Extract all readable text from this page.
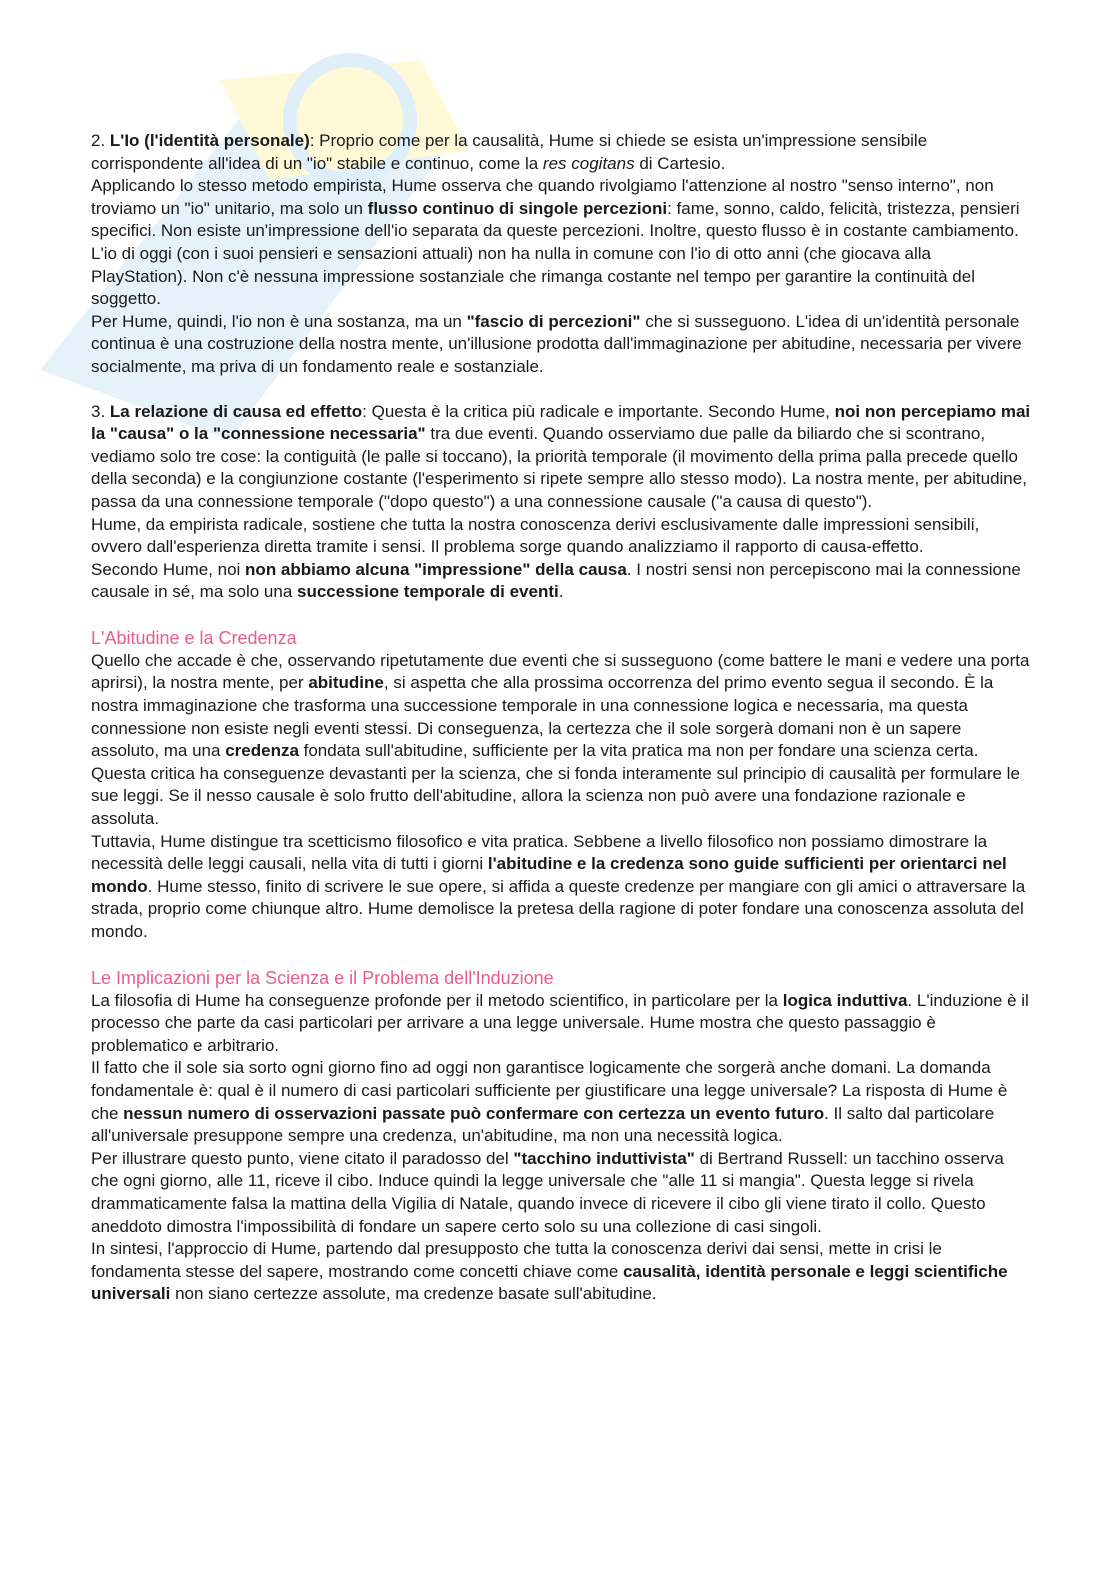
2. L'Io (l'identità personale): Proprio come per la causalità, Hume si chiede se esista un'impressione sensibile corrispondente all'idea di un "io" stabile e continuo, come la res cogitans di Cartesio.

Applicando lo stesso metodo empirista, Hume osserva che quando rivolgiamo l'attenzione al nostro "senso interno", non troviamo un "io" unitario, ma solo un flusso continuo di singole percezioni: fame, sonno, caldo, felicità, tristezza, pensieri specifici. Non esiste un'impressione dell'io separata da queste percezioni. Inoltre, questo flusso è in costante cambiamento. L'io di oggi (con i suoi pensieri e sensazioni attuali) non ha nulla in comune con l'io di otto anni (che giocava alla PlayStation). Non c'è nessuna impressione sostanziale che rimanga costante nel tempo per garantire la continuità del soggetto.

Per Hume, quindi, l'io non è una sostanza, ma un "fascio di percezioni" che si susseguono. L'idea di un'identità personale continua è una costruzione della nostra mente, un'illusione prodotta dall'immaginazione per abitudine, necessaria per vivere socialmente, ma priva di un fondamento reale e sostanziale.

3. La relazione di causa ed effetto: Questa è la critica più radicale e importante. Secondo Hume, noi non percepiamo mai la "causa" o la "connessione necessaria" tra due eventi. Quando osserviamo due palle da biliardo che si scontrano, vediamo solo tre cose: la contiguità (le palle si toccano), la priorità temporale (il movimento della prima palla precede quello della seconda) e la congiunzione costante (l'esperimento si ripete sempre allo stesso modo). La nostra mente, per abitudine, passa da una connessione temporale ("dopo questo") a una connessione causale ("a causa di questo").

Hume, da empirista radicale, sostiene che tutta la nostra conoscenza derivi esclusivamente dalle impressioni sensibili, ovvero dall'esperienza diretta tramite i sensi. Il problema sorge quando analizziamo il rapporto di causa-effetto.

Secondo Hume, noi non abbiamo alcuna "impressione" della causa. I nostri sensi non percepiscono mai la connessione causale in sé, ma solo una successione temporale di eventi.

L'Abitudine e la Credenza

Quello che accade è che, osservando ripetutamente due eventi che si susseguono (come battere le mani e vedere una porta aprirsi), la nostra mente, per abitudine, si aspetta che alla prossima occorrenza del primo evento segua il secondo. È la nostra immaginazione che trasforma una successione temporale in una connessione logica e necessaria, ma questa connessione non esiste negli eventi stessi. Di conseguenza, la certezza che il sole sorgerà domani non è un sapere assoluto, ma una credenza fondata sull'abitudine, sufficiente per la vita pratica ma non per fondare una scienza certa.

Questa critica ha conseguenze devastanti per la scienza, che si fonda interamente sul principio di causalità per formulare le sue leggi. Se il nesso causale è solo frutto dell'abitudine, allora la scienza non può avere una fondazione razionale e assoluta.

Tuttavia, Hume distingue tra scetticismo filosofico e vita pratica. Sebbene a livello filosofico non possiamo dimostrare la necessità delle leggi causali, nella vita di tutti i giorni l'abitudine e la credenza sono guide sufficienti per orientarci nel mondo. Hume stesso, finito di scrivere le sue opere, si affida a queste credenze per mangiare con gli amici o attraversare la strada, proprio come chiunque altro. Hume demolisce la pretesa della ragione di poter fondare una conoscenza assoluta del mondo.

Le Implicazioni per la Scienza e il Problema dell'Induzione

La filosofia di Hume ha conseguenze profonde per il metodo scientifico, in particolare per la logica induttiva. L'induzione è il processo che parte da casi particolari per arrivare a una legge universale. Hume mostra che questo passaggio è problematico e arbitrario.

Il fatto che il sole sia sorto ogni giorno fino ad oggi non garantisce logicamente che sorgerà anche domani. La domanda fondamentale è: qual è il numero di casi particolari sufficiente per giustificare una legge universale? La risposta di Hume è che nessun numero di osservazioni passate può confermare con certezza un evento futuro. Il salto dal particolare all'universale presuppone sempre una credenza, un'abitudine, ma non una necessità logica.

Per illustrare questo punto, viene citato il paradosso del "tacchino induttivista" di Bertrand Russell: un tacchino osserva che ogni giorno, alle 11, riceve il cibo. Induce quindi la legge universale che "alle 11 si mangia". Questa legge si rivela drammaticamente falsa la mattina della Vigilia di Natale, quando invece di ricevere il cibo gli viene tirato il collo. Questo aneddoto dimostra l'impossibilità di fondare un sapere certo solo su una collezione di casi singoli.

In sintesi, l'approccio di Hume, partendo dal presupposto che tutta la conoscenza derivi dai sensi, mette in crisi le fondamenta stesse del sapere, mostrando come concetti chiave come causalità, identità personale e leggi scientifiche universali non siano certezze assolute, ma credenze basate sull'abitudine.
